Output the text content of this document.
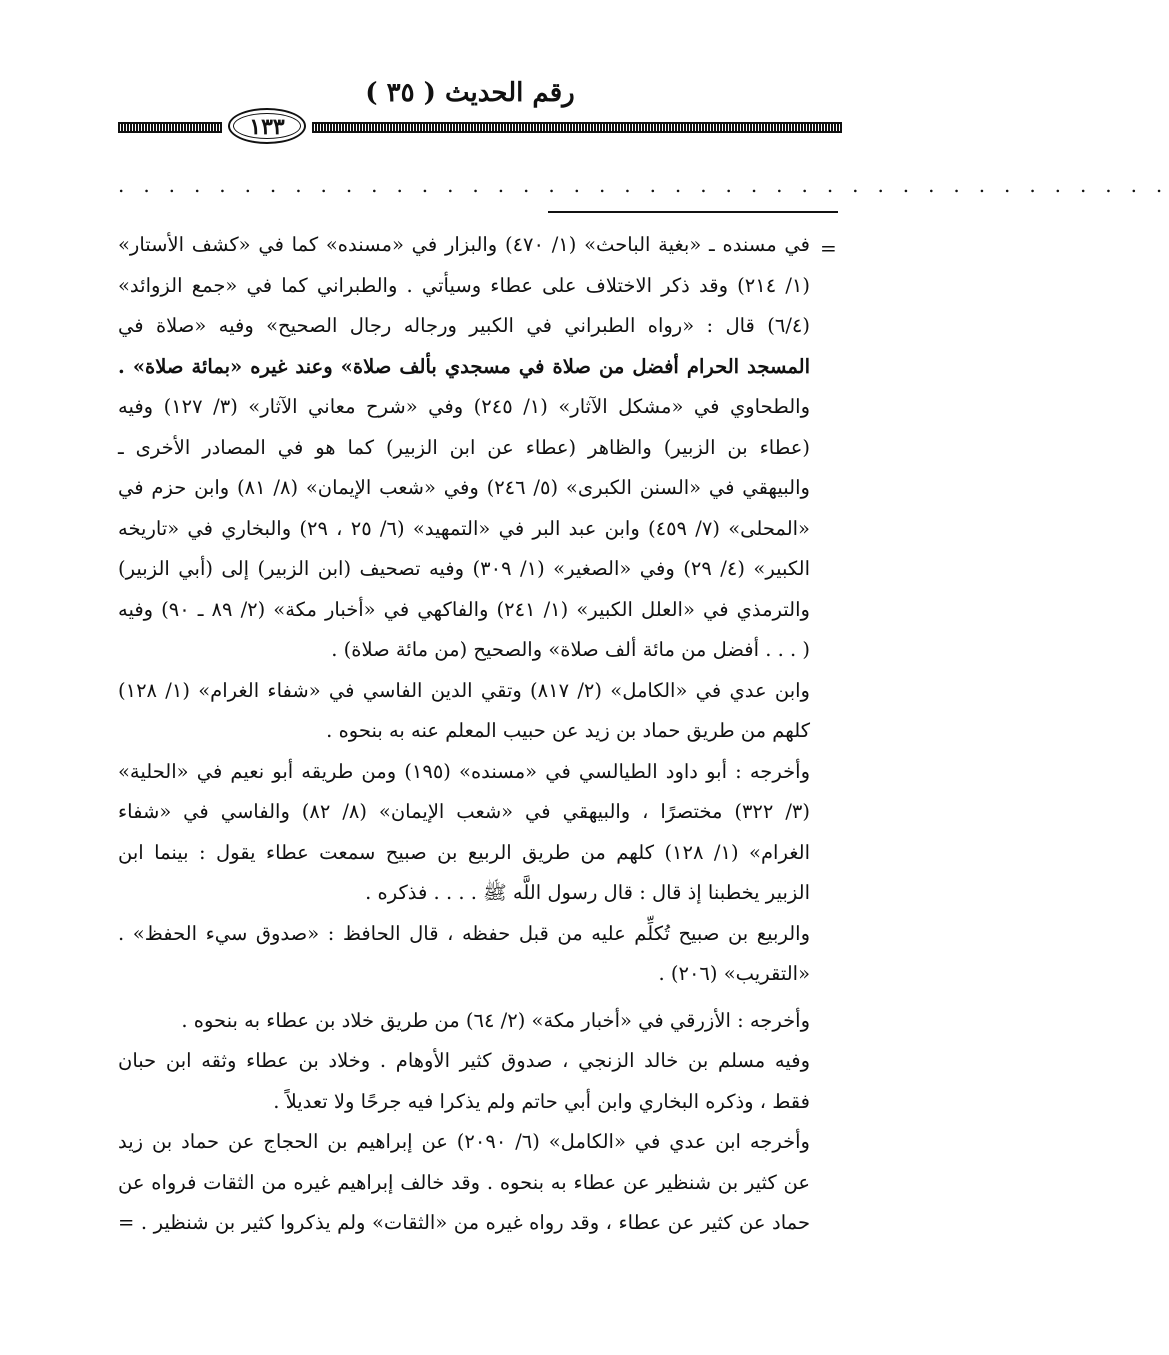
رقم الحديث ( ٣٥ )
١٣٣
. . . . . . . . . . . . . . . . . . . . . . . . . . . . . . . . . . . . . . . . . .
=
في مسنده ـ «بغية الباحث» (١/ ٤٧٠) والبزار في «مسنده» كما في «كشف الأستار»
(١/ ٢١٤) وقد ذكر الاختلاف على عطاء وسيأتي . والطبراني كما في «جمع الزوائد»
(٦/٤) قال : «رواه الطبراني في الكبير ورجاله رجال الصحيح» وفيه «صلاة في
المسجد الحرام أفضل من صلاة في مسجدي بألف صلاة» وعند غيره «بمائة صلاة» .
والطحاوي في «مشكل الآثار» (١/ ٢٤٥) وفي «شرح معاني الآثار» (٣/ ١٢٧) وفيه
(عطاء بن الزبير) والظاهر (عطاء عن ابن الزبير) كما هو في المصادر الأخرى ـ
والبيهقي في «السنن الكبرى» (٥/ ٢٤٦) وفي «شعب الإيمان» (٨/ ٨١) وابن حزم في
«المحلى» (٧/ ٤٥٩) وابن عبد البر في «التمهيد» (٦/ ٢٥ ، ٢٩) والبخاري في «تاريخه
الكبير» (٤/ ٢٩) وفي «الصغير» (١/ ٣٠٩) وفيه تصحيف (ابن الزبير) إلى (أبي الزبير)
والترمذي في «العلل الكبير» (١/ ٢٤١) والفاكهي في «أخبار مكة» (٢/ ٨٩ ـ ٩٠) وفيه
( . . . أفضل من مائة ألف صلاة» والصحيح (من مائة صلاة) .
وابن عدي في «الكامل» (٢/ ٨١٧) وتقي الدين الفاسي في «شفاء الغرام» (١/ ١٢٨)
كلهم من طريق حماد بن زيد عن حبيب المعلم عنه به بنحوه .
وأخرجه : أبو داود الطيالسي في «مسنده» (١٩٥) ومن طريقه أبو نعيم في «الحلية»
(٣/ ٣٢٢) مختصرًا ، والبيهقي في «شعب الإيمان» (٨/ ٨٢) والفاسي في «شفاء
الغرام» (١/ ١٢٨) كلهم من طريق الربيع بن صبيح سمعت عطاء يقول : بينما ابن
الزبير يخطبنا إذ قال : قال رسول اللَّه ﷺ . . . . فذكره .
والربيع بن صبيح تُكلِّم عليه من قبل حفظه ، قال الحافظ : «صدوق سيء الحفظ» .
«التقريب» (٢٠٦) .
وأخرجه : الأزرقي في «أخبار مكة» (٢/ ٦٤) من طريق خلاد بن عطاء به بنحوه .
وفيه مسلم بن خالد الزنجي ، صدوق كثير الأوهام . وخلاد بن عطاء وثقه ابن حبان
فقط ، وذكره البخاري وابن أبي حاتم ولم يذكرا فيه جرحًا ولا تعديلاً .
وأخرجه ابن عدي في «الكامل» (٦/ ٢٠٩٠) عن إبراهيم بن الحجاج عن حماد بن زيد
عن كثير بن شنظير عن عطاء به بنحوه . وقد خالف إبراهيم غيره من الثقات فرواه عن
حماد عن كثير عن عطاء ، وقد رواه غيره من «الثقات» ولم يذكروا كثير بن شنظير . =
